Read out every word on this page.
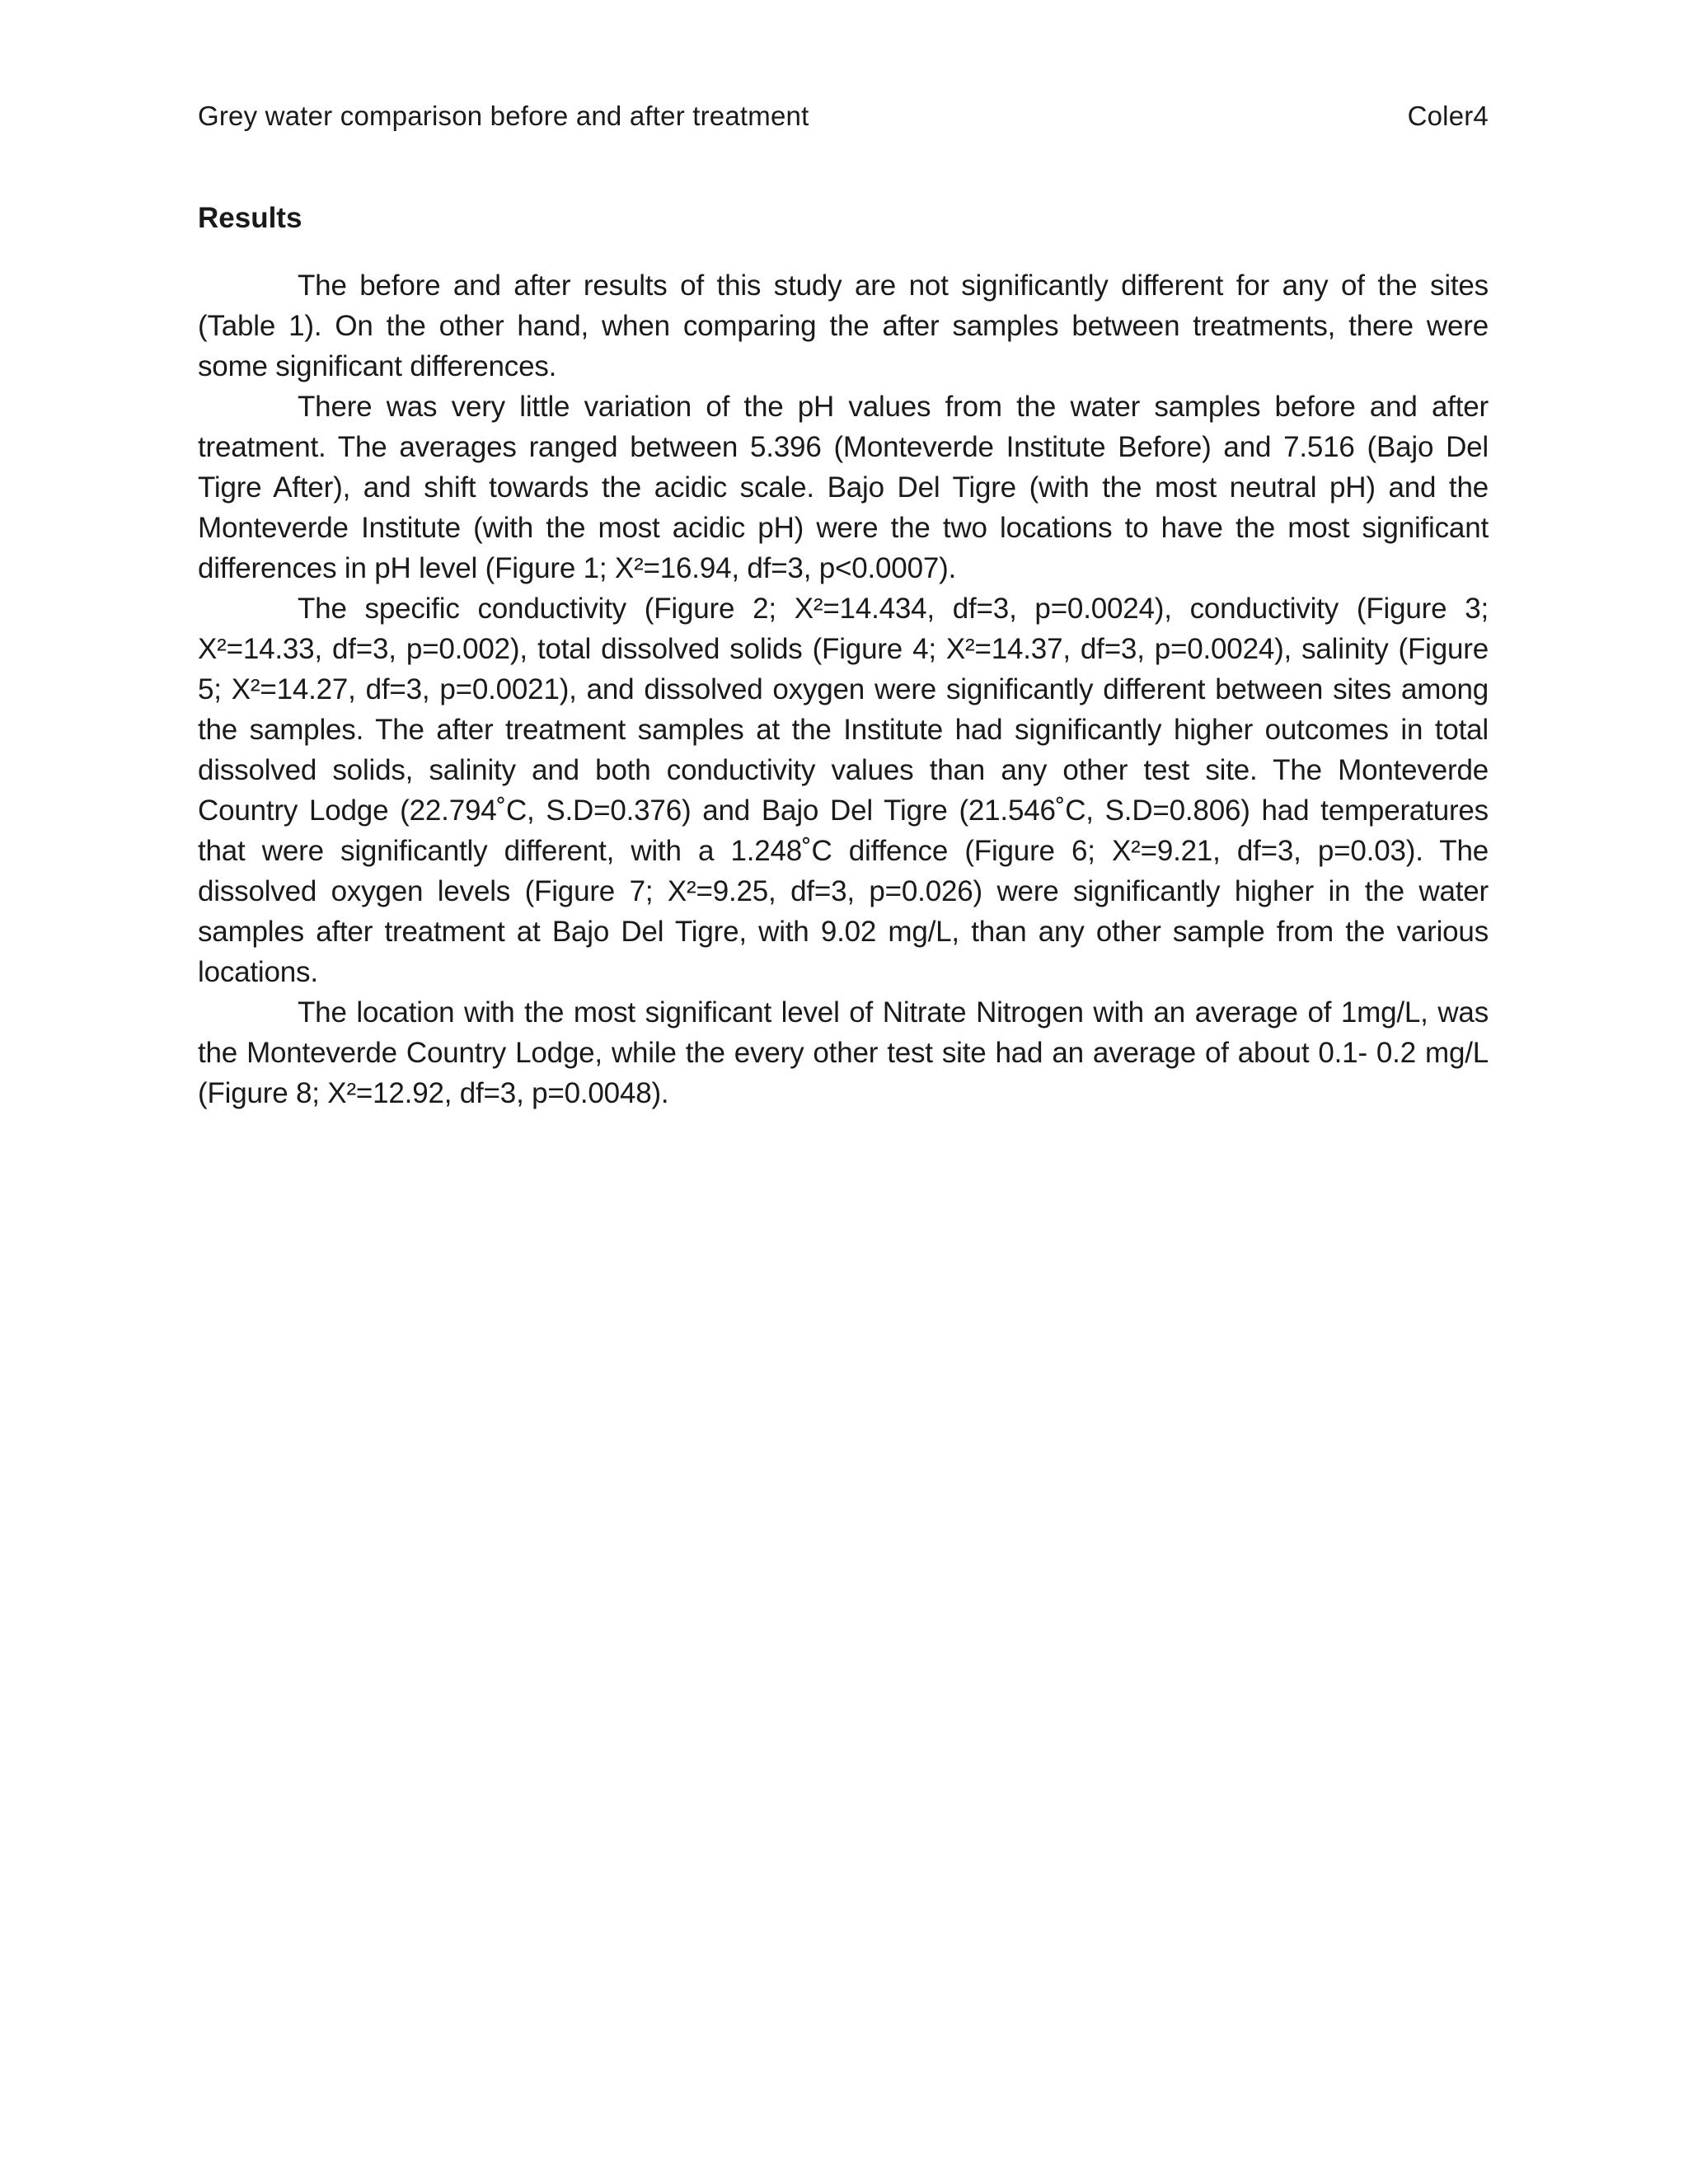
Grey water comparison before and after treatment	Coler4
Results

The before and after results of this study are not significantly different for any of the sites (Table 1). On the other hand, when comparing the after samples between treatments, there were some significant differences.

There was very little variation of the pH values from the water samples before and after treatment. The averages ranged between 5.396 (Monteverde Institute Before) and 7.516 (Bajo Del Tigre After), and shift towards the acidic scale. Bajo Del Tigre (with the most neutral pH) and the Monteverde Institute (with the most acidic pH) were the two locations to have the most significant differences in pH level (Figure 1; X²=16.94, df=3, p<0.0007).

The specific conductivity (Figure 2; X²=14.434, df=3, p=0.0024), conductivity (Figure 3; X²=14.33, df=3, p=0.002), total dissolved solids (Figure 4; X²=14.37, df=3, p=0.0024), salinity (Figure 5; X²=14.27, df=3, p=0.0021), and dissolved oxygen were significantly different between sites among the samples. The after treatment samples at the Institute had significantly higher outcomes in total dissolved solids, salinity and both conductivity values than any other test site. The Monteverde Country Lodge (22.794˚C, S.D=0.376) and Bajo Del Tigre (21.546˚C, S.D=0.806) had temperatures that were significantly different, with a 1.248˚C diffence (Figure 6; X²=9.21, df=3, p=0.03). The dissolved oxygen levels (Figure 7; X²=9.25, df=3, p=0.026) were significantly higher in the water samples after treatment at Bajo Del Tigre, with 9.02 mg/L, than any other sample from the various locations.

The location with the most significant level of Nitrate Nitrogen with an average of 1mg/L, was the Monteverde Country Lodge, while the every other test site had an average of about 0.1- 0.2 mg/L (Figure 8; X²=12.92, df=3, p=0.0048).
